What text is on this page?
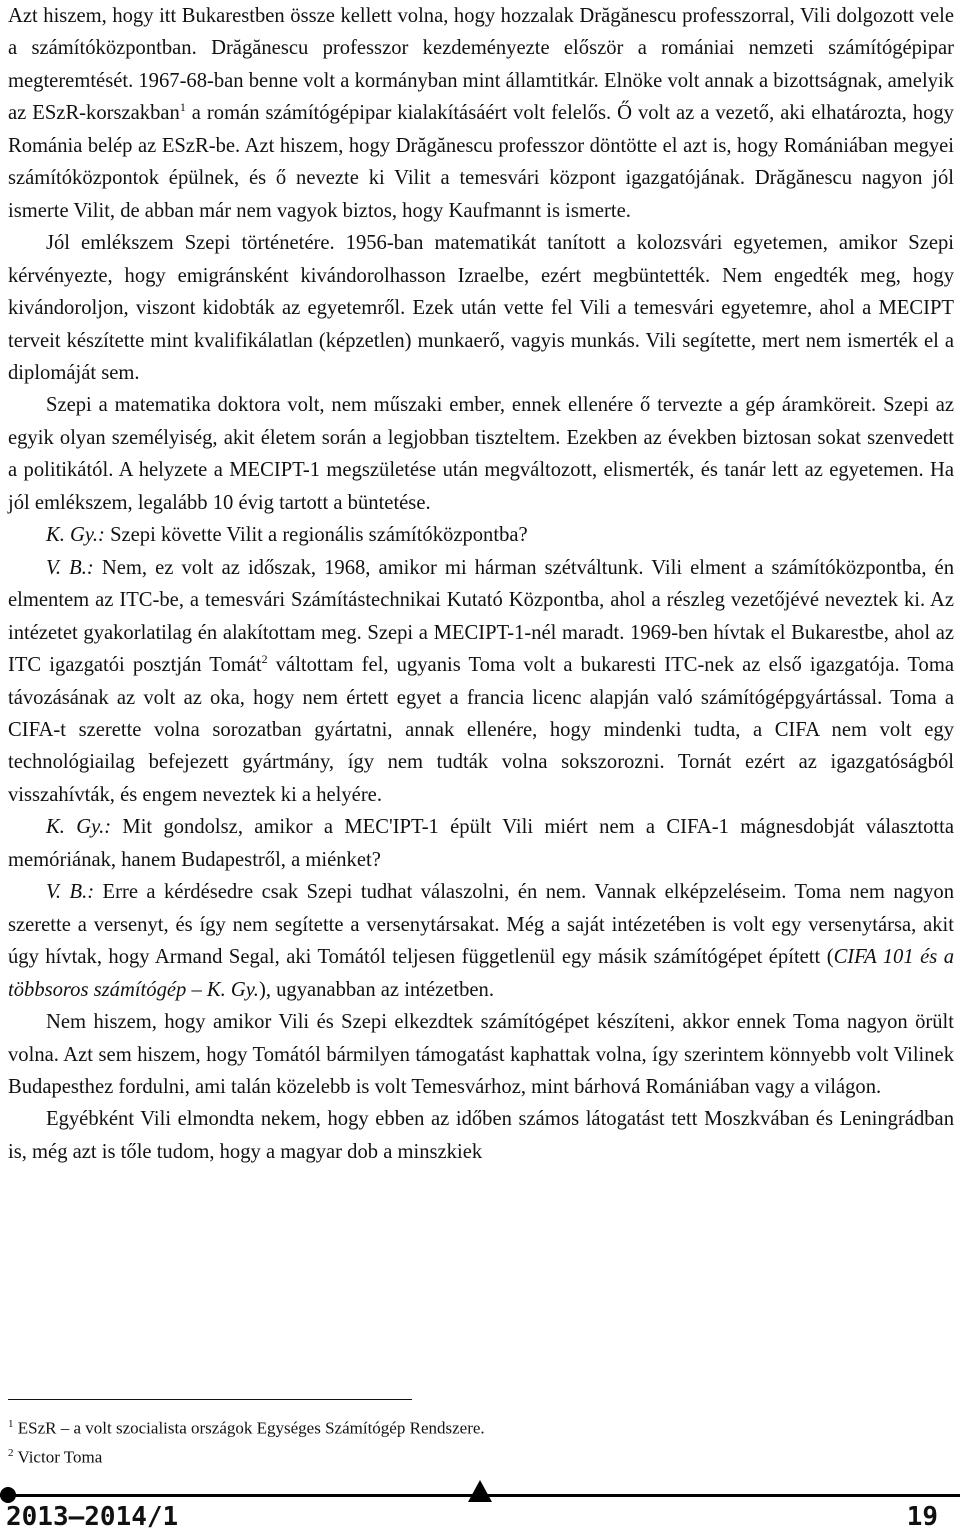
Azt hiszem, hogy itt Bukarestben össze kellett volna, hogy hozzalak Drăgănescu professzorral, Vili dolgozott vele a számítóközpontban. Drăgănescu professzor kezdeményezte először a romániai nemzeti számítógépipar megteremtését. 1967-68-ban benne volt a kormányban mint államtitkár. Elnöke volt annak a bizottságnak, amelyik az ESzR-korszakban$^1$ a román számítógépipar kialakításáért volt felelős. Ő volt az a vezető, aki elhatározta, hogy Románia belép az ESzR-be. Azt hiszem, hogy Drăgănescu professzor döntötte el azt is, hogy Romániában megyei számítóközpontok épülnek, és ő nevezte ki Vilit a temesvári központ igazgatójának. Drăgănescu nagyon jól ismerte Vilit, de abban már nem vagyok biztos, hogy Kaufmannt is ismerte.

Jól emlékszem Szepi történetére. 1956-ban matematikát tanított a kolozsvári egyetemen, amikor Szepi kérvényezte, hogy emigránsként kivándorolhasson Izraelbe, ezért megbüntették. Nem engedték meg, hogy kivándoroljon, viszont kidobták az egyetemről. Ezek után vette fel Vili a temesvári egyetemre, ahol a MECIPT terveit készítette mint kvalifikálatlan (képzetlen) munkaerő, vagyis munkás. Vili segítette, mert nem ismerték el a diplomáját sem.

Szepi a matematika doktora volt, nem műszaki ember, ennek ellenére ő tervezte a gép áramköreit. Szepi az egyik olyan személyiség, akit életem során a legjobban tiszteltem. Ezekben az években biztosan sokat szenvedett a politikától. A helyzete a MECIPT-1 megszületése után megváltozott, elismerték, és tanár lett az egyetemen. Ha jól emlékszem, legalább 10 évig tartott a büntetése.

K. Gy.: Szepi követte Vilit a regionális számítóközpontba?

V. B.: Nem, ez volt az időszak, 1968, amikor mi hárman szétváltunk. Vili elment a számítóközpontba, én elmentem az ITC-be, a temesvári Számítástechnikai Kutató Központba, ahol a részleg vezetőjévé neveztek ki. Az intézetet gyakorlatilag én alakítottam meg. Szepi a MECIPT-1-nél maradt. 1969-ben hívtak el Bukarestbe, ahol az ITC igazgatói posztján Tomát$^2$ váltottam fel, ugyanis Toma volt a bukaresti ITC-nek az első igazgatója. Toma távozásának az volt az oka, hogy nem értett egyet a francia licenc alapján való számítógépgyártással. Toma a CIFA-t szerette volna sorozatban gyártatni, annak ellenére, hogy mindenki tudta, a CIFA nem volt egy technológiailag befejezett gyártmány, így nem tudták volna sokszorozni. Tornát ezért az igazgatóságból visszahívták, és engem neveztek ki a helyére.

K. Gy.: Mit gondolsz, amikor a MEC'IPT-1 épült Vili miért nem a CIFA-1 mágnesdobját választotta memóriának, hanem Budapestről, a miénket?

V. B.: Erre a kérdésedre csak Szepi tudhat válaszolni, én nem. Vannak elképzeléseim. Toma nem nagyon szerette a versenyt, és így nem segítette a versenytársakat. Még a saját intézetében is volt egy versenytársa, akit úgy hívtak, hogy Armand Segal, aki Tomától teljesen függetlenül egy másik számítógépet épített (CIFA 101 és a többsoros számítógép – K. Gy.), ugyanabban az intézetben.

Nem hiszem, hogy amikor Vili és Szepi elkezdtek számítógépet készíteni, akkor ennek Toma nagyon örült volna. Azt sem hiszem, hogy Tomától bármilyen támogatást kaphattak volna, így szerintem könnyebb volt Vilinek Budapesthez fordulni, ami talán közelebb is volt Temesvárhoz, mint bárhová Romániában vagy a világon.

Egyébként Vili elmondta nekem, hogy ebben az időben számos látogatást tett Moszkvában és Leningrádban is, még azt is tőle tudom, hogy a magyar dob a minszkiek

$^1$ ESzR – a volt szocialista országok Egységes Számítógép Rendszere.
$^2$ Victor Toma
2013–2014/1	19
